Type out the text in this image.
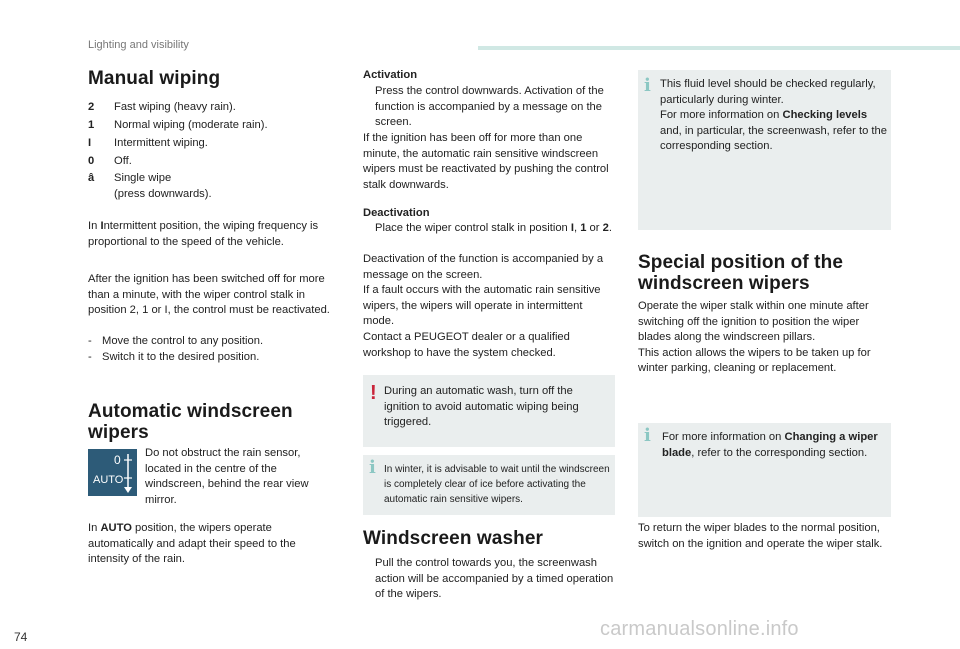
Lighting and visibility
Manual wiping
2	Fast wiping (heavy rain).
1	Normal wiping (moderate rain).
I	Intermittent wiping.
0	Off.
â	Single wipe
(press downwards).

In Intermittent position, the wiping frequency is proportional to the speed of the vehicle.

After the ignition has been switched off for more than a minute, with the wiper control stalk in position 2, 1 or I, the control must be reactivated.

- Move the control to any position.
- Switch it to the desired position.
Automatic windscreen
wipers
0
AUTO

Do not obstruct the rain sensor, located in the centre of the windscreen, behind the rear view mirror.

In AUTO position, the wipers operate automatically and adapt their speed to the intensity of the rain.

Activation
Press the control downwards. Activation of the function is accompanied by a message on the screen.

If the ignition has been off for more than one minute, the automatic rain sensitive windscreen wipers must be reactivated by pushing the control stalk downwards.

Deactivation
Place the wiper control stalk in position I, 1 or 2.

Deactivation of the function is accompanied by a message on the screen.

If a fault occurs with the automatic rain sensitive wipers, the wipers will operate in intermittent mode.

Contact a PEUGEOT dealer or a qualified workshop to have the system checked.

! During an automatic wash, turn off the ignition to avoid automatic wiping being triggered.

i In winter, it is advisable to wait until the windscreen is completely clear of ice before activating the automatic rain sensitive wipers.

Windscreen washer
Pull the control towards you, the screenwash action will be accompanied by a timed operation of the wipers.
i This fluid level should be checked regularly, particularly during winter.

For more information on Checking levels and, in particular, the screenwash, refer to the corresponding section.

Special position of the
windscreen wipers

Operate the wiper stalk within one minute after switching off the ignition to position the wiper blades along the windscreen pillars.

This action allows the wipers to be taken up for winter parking, cleaning or replacement.

i For more information on Changing a wiper blade, refer to the corresponding section.

To return the wiper blades to the normal position, switch on the ignition and operate the wiper stalk.

74	carmanualsonline.info
